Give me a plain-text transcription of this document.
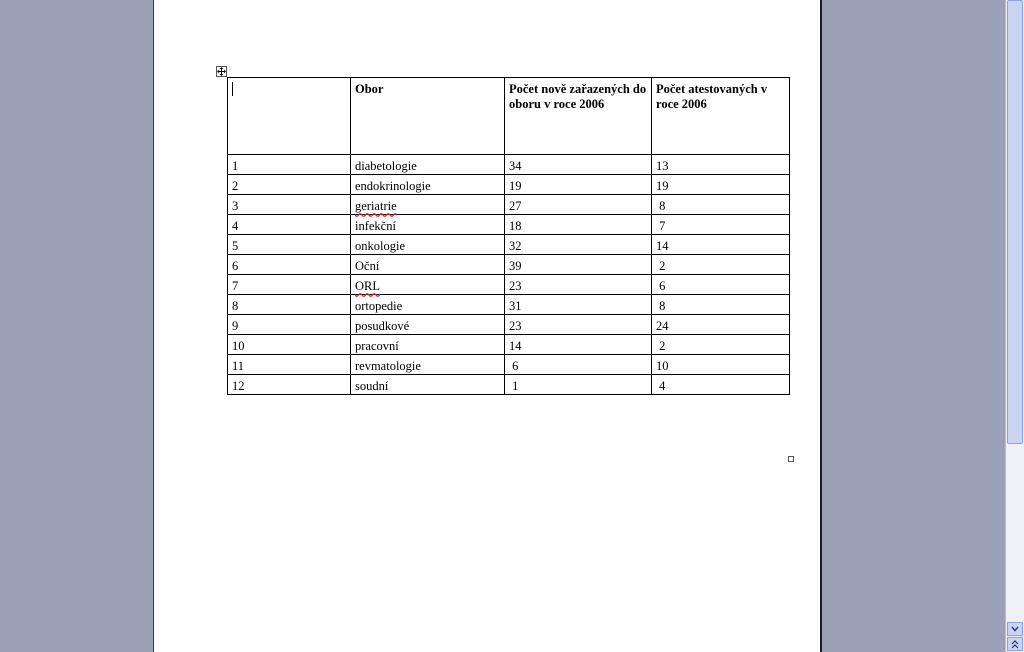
	Obor	Počet nově zařazených do oboru v roce 2006	Počet atestovaných v roce 2006
1	diabetologie	34	13
2	endokrinologie	19	19
3	geriatrie	27	8
4	infekční	18	7
5	onkologie	32	14
6	Oční	39	2
7	ORL	23	6
8	ortopedie	31	8
9	posudkové	23	24
10	pracovní	14	2
11	revmatologie	6	10
12	soudní	1	4
